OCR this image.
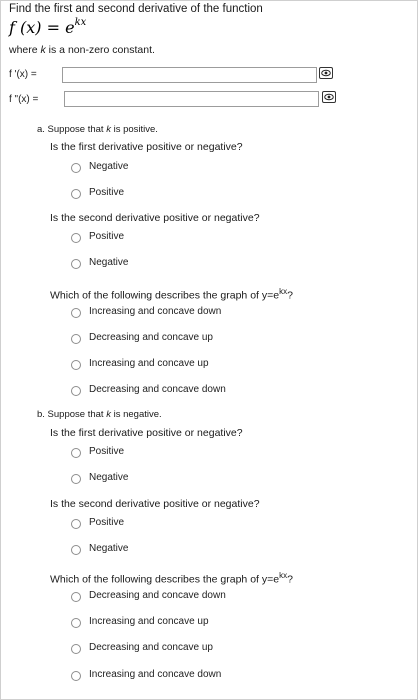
Find the first and second derivative of the function
f $(x) = e^{kx}$
where k is a non-zero constant.
f '(x) =
f "(x) =
a. Suppose that k is positive.
Is the first derivative positive or negative?
Negative
Positive
Is the second derivative positive or negative?
Positive
Negative
Which of the following describes the graph of $y=e^{kx}$?
Increasing and concave down
Decreasing and concave up
Increasing and concave up
Decreasing and concave down
b. Suppose that k is negative.
Is the first derivative positive or negative?
Positive
Negative
Is the second derivative positive or negative?
Positive
Negative
Which of the following describes the graph of $y=e^{kx}$?
Decreasing and concave down
Increasing and concave up
Decreasing and concave up
Increasing and concave down
